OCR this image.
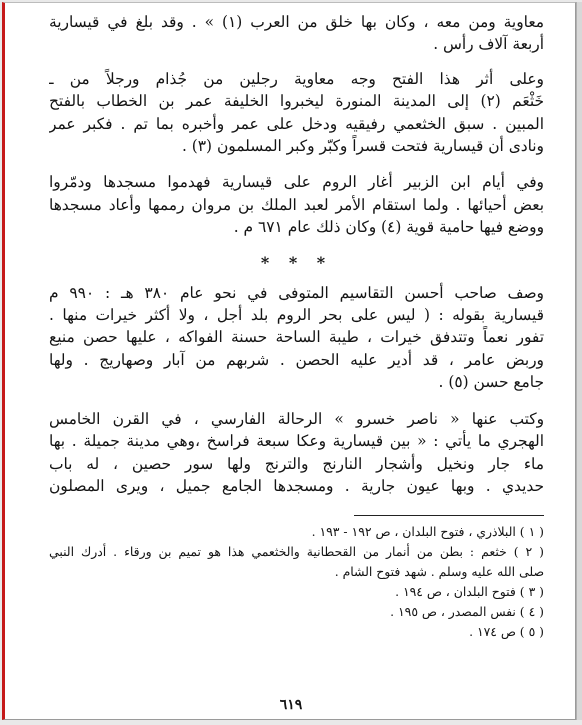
معاوية ومن معه ، وكان بها خلق من العرب (١) » . وقد بلغ في قيسارية
أربعة آلاف رأس .
وعلى أثر هذا الفتح وجه معاوية رجلين من جُذام ورجلاً من ـ
خَثْعَم (٢) إلى المدينة المنورة ليخبروا الخليفة عمر بن الخطاب بالفتح
المبين . سبق الخثعمي رفيقيه ودخل على عمر وأخبره بما تم . فكبر عمر
ونادى أن قيسارية فتحت قسراً وكبّر وكبر المسلمون (٣) .
وفي أيام ابن الزبير أغار الروم على قيسارية فهدموا مسجدها ودمّروا
بعض أحيائها . ولما استقام الأمر لعبد الملك بن مروان رممها وأعاد مسجدها
ووضع فيها حامية قوية (٤) وكان ذلك عام ٦٧١ م .
* * *
وصف صاحب أحسن التقاسيم المتوفى في نحو عام ٣٨٠ هـ : ٩٩٠ م
قيسارية بقوله : ( ليس على بحر الروم بلد أجل ، ولا أكثر خيرات منها .
تفور نعماً وتتدفق خيرات ، طيبة الساحة حسنة الفواكه ، عليها حصن منيع
وربض عامر ، قد أدير عليه الحصن . شربهم من آبار وصهاريج . ولها
جامع حسن (٥) .
وكتب عنها « ناصر خسرو » الرحالة الفارسي ، في القرن الخامس
الهجري ما يأتي : « بين قيسارية وعكا سبعة فراسخ ،وهي مدينة جميلة . بها
ماء جار ونخيل وأشجار النارنج والترنج ولها سور حصين ، له باب
حديدي . وبها عيون جارية . ومسجدها الجامع جميل ، ويرى المصلون
( ١ ) البلاذري ، فتوح البلدان ، ص ١٩٢ - ١٩٣ .
( ٢ ) خثعم : بطن من أنمار من القحطانية والخثعمي هذا هو تميم بن ورقاء . أدرك النبي
صلى الله عليه وسلم . شهد فتوح الشام .
( ٣ ) فتوح البلدان ، ص ١٩٤ .
( ٤ ) نفس المصدر ، ص ١٩٥ .
( ٥ ) ص ١٧٤ .
٦١٩
